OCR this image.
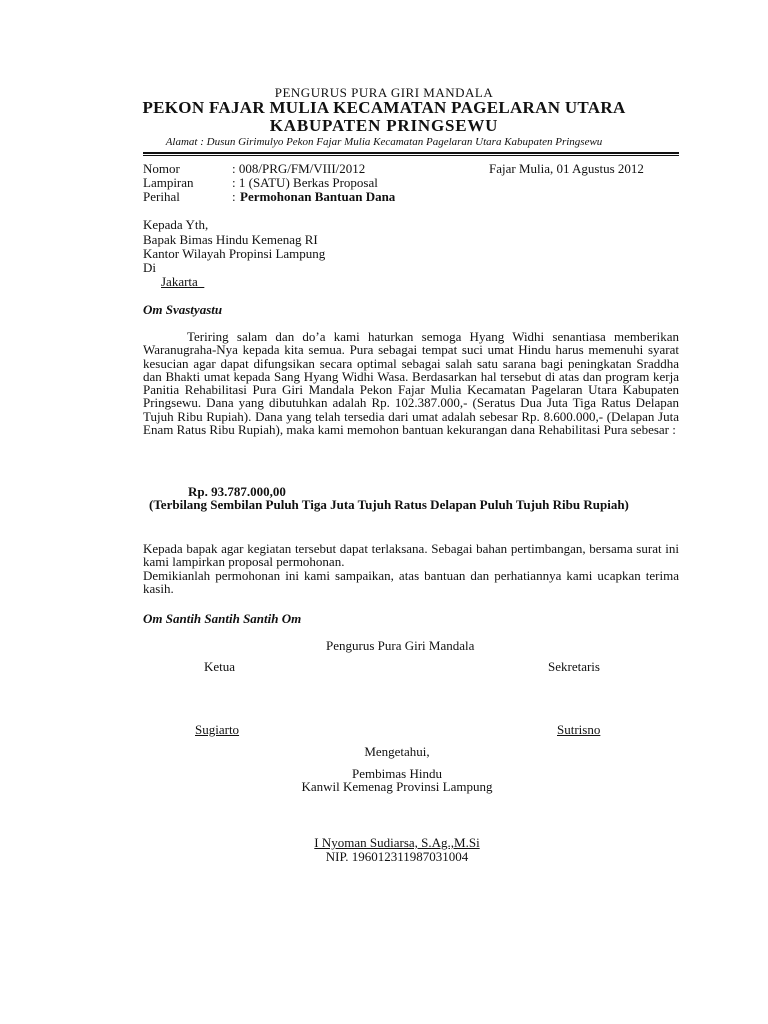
PENGURUS PURA GIRI MANDALA
PEKON FAJAR MULIA KECAMATAN PAGELARAN UTARA
KABUPATEN PRINGSEWU
Alamat : Dusun Girimulyo Pekon Fajar Mulia Kecamatan Pagelaran Utara Kabupaten Pringsewu
Nomor	: 008/PRG/FM/VIII/2012	Fajar Mulia, 01 Agustus 2012
Lampiran	: 1 (SATU) Berkas Proposal
Perihal	: Permohonan Bantuan Dana
Kepada Yth,
Bapak Bimas Hindu Kemenag RI
Kantor Wilayah Propinsi Lampung
Di
Jakarta
Om Svastyastu
Teriring salam dan do’a kami haturkan semoga Hyang Widhi senantiasa memberikan Waranugraha-Nya kepada kita semua. Pura sebagai tempat suci umat Hindu harus memenuhi syarat kesucian agar dapat difungsikan secara optimal sebagai salah satu sarana bagi peningkatan Sraddha dan Bhakti umat kepada Sang Hyang Widhi Wasa. Berdasarkan hal tersebut di atas dan program kerja Panitia Rehabilitasi Pura Giri Mandala Pekon Fajar Mulia Kecamatan Pagelaran Utara Kabupaten Pringsewu. Dana yang dibutuhkan adalah Rp. 102.387.000,- (Seratus Dua Juta Tiga Ratus Delapan Tujuh Ribu Rupiah). Dana yang telah tersedia dari umat adalah sebesar Rp. 8.600.000,- (Delapan Juta Enam Ratus Ribu Rupiah), maka kami memohon bantuan kekurangan dana Rehabilitasi Pura sebesar :
Rp. 93.787.000,00
(Terbilang Sembilan Puluh Tiga Juta Tujuh Ratus Delapan Puluh Tujuh Ribu Rupiah)
Kepada bapak agar kegiatan tersebut dapat terlaksana. Sebagai bahan pertimbangan, bersama surat ini kami lampirkan proposal permohonan.
Demikianlah permohonan ini kami sampaikan, atas bantuan dan perhatiannya kami ucapkan terima kasih.
Om Santih Santih Santih Om
Pengurus Pura Giri Mandala
Ketua	Sekretaris
Sugiarto	Sutrisno
Mengetahui,
Pembimas Hindu
Kanwil Kemenag Provinsi Lampung
I Nyoman Sudiarsa, S.Ag.,M.Si
NIP. 196012311987031004
